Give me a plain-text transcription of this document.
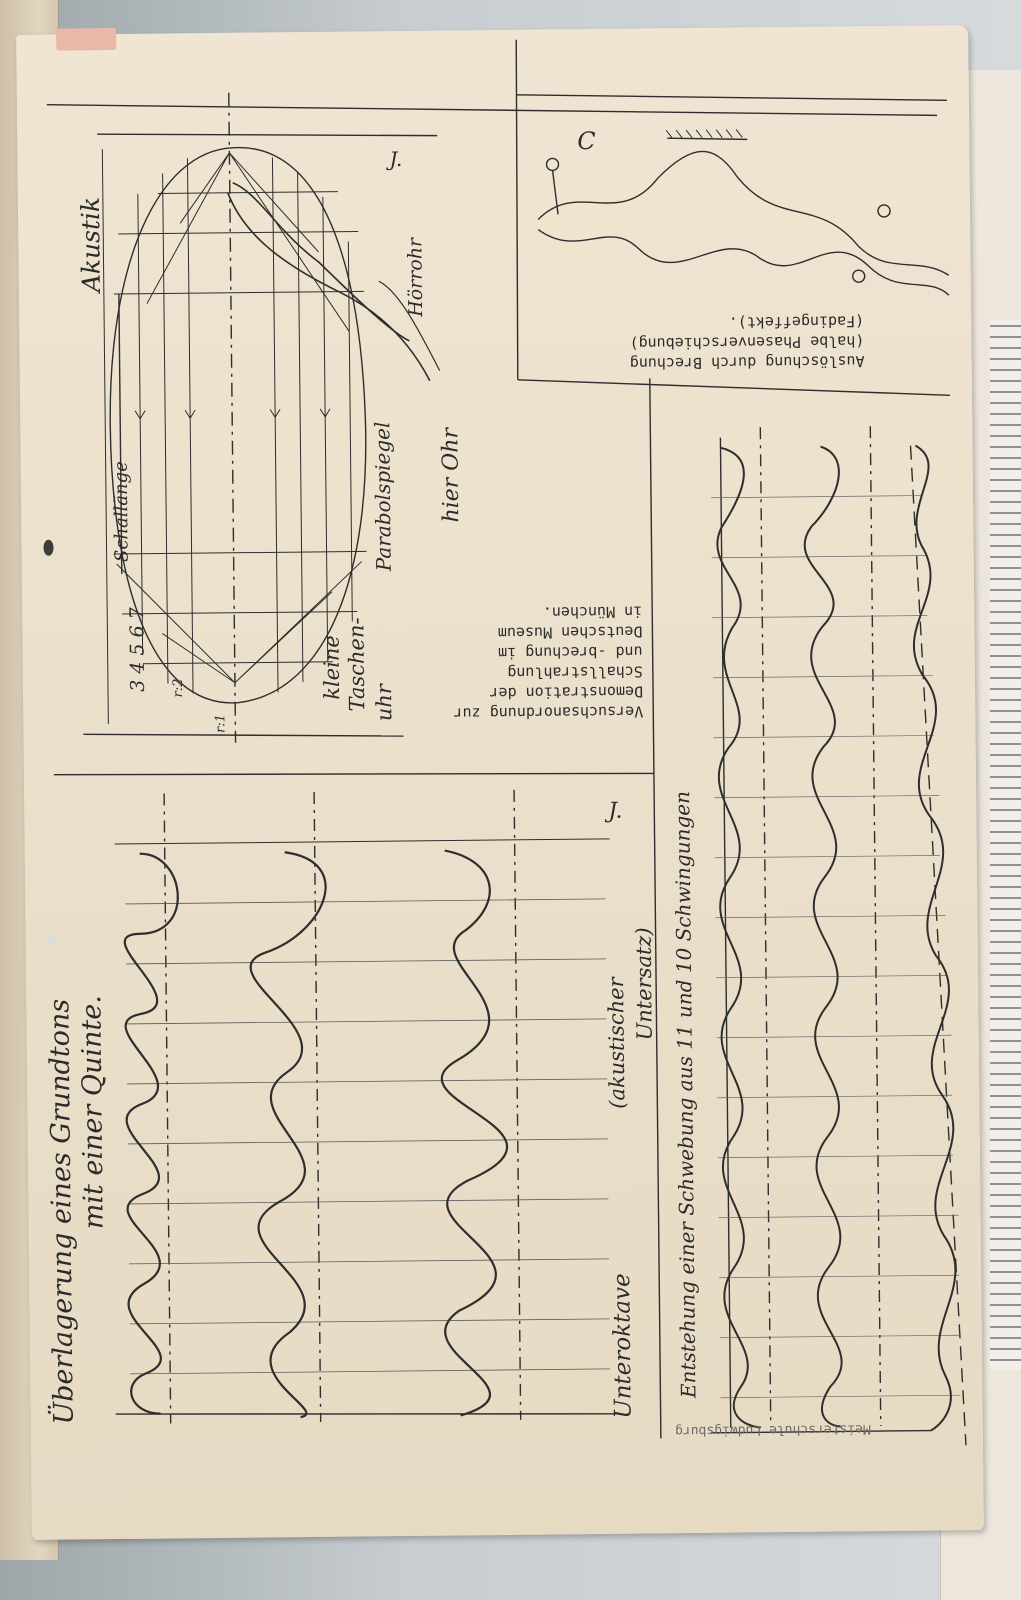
Akustik
J.
Schallänge	Parabolspiegel
Hörrohr
hier Ohr
3 4 5 6 7	kleine Taschen- uhr
r:1
r:2
Versuchsanordnung zur
Demonstration der
Schallstrahlung
und -brechung im
Deutschen Museum
in München.
Auslöschung durch Brechung
(halbe Phasenverschiebung)
(Fadingeffekt).
Meisterschule Ludwigsburg
C
Überlagerung eines Grundtons
mit einer Quinte.
Unteroktave
(akustischer Untersatz)
J. Entstehung einer Schwebung aus 11 und 10 Schwingungen
